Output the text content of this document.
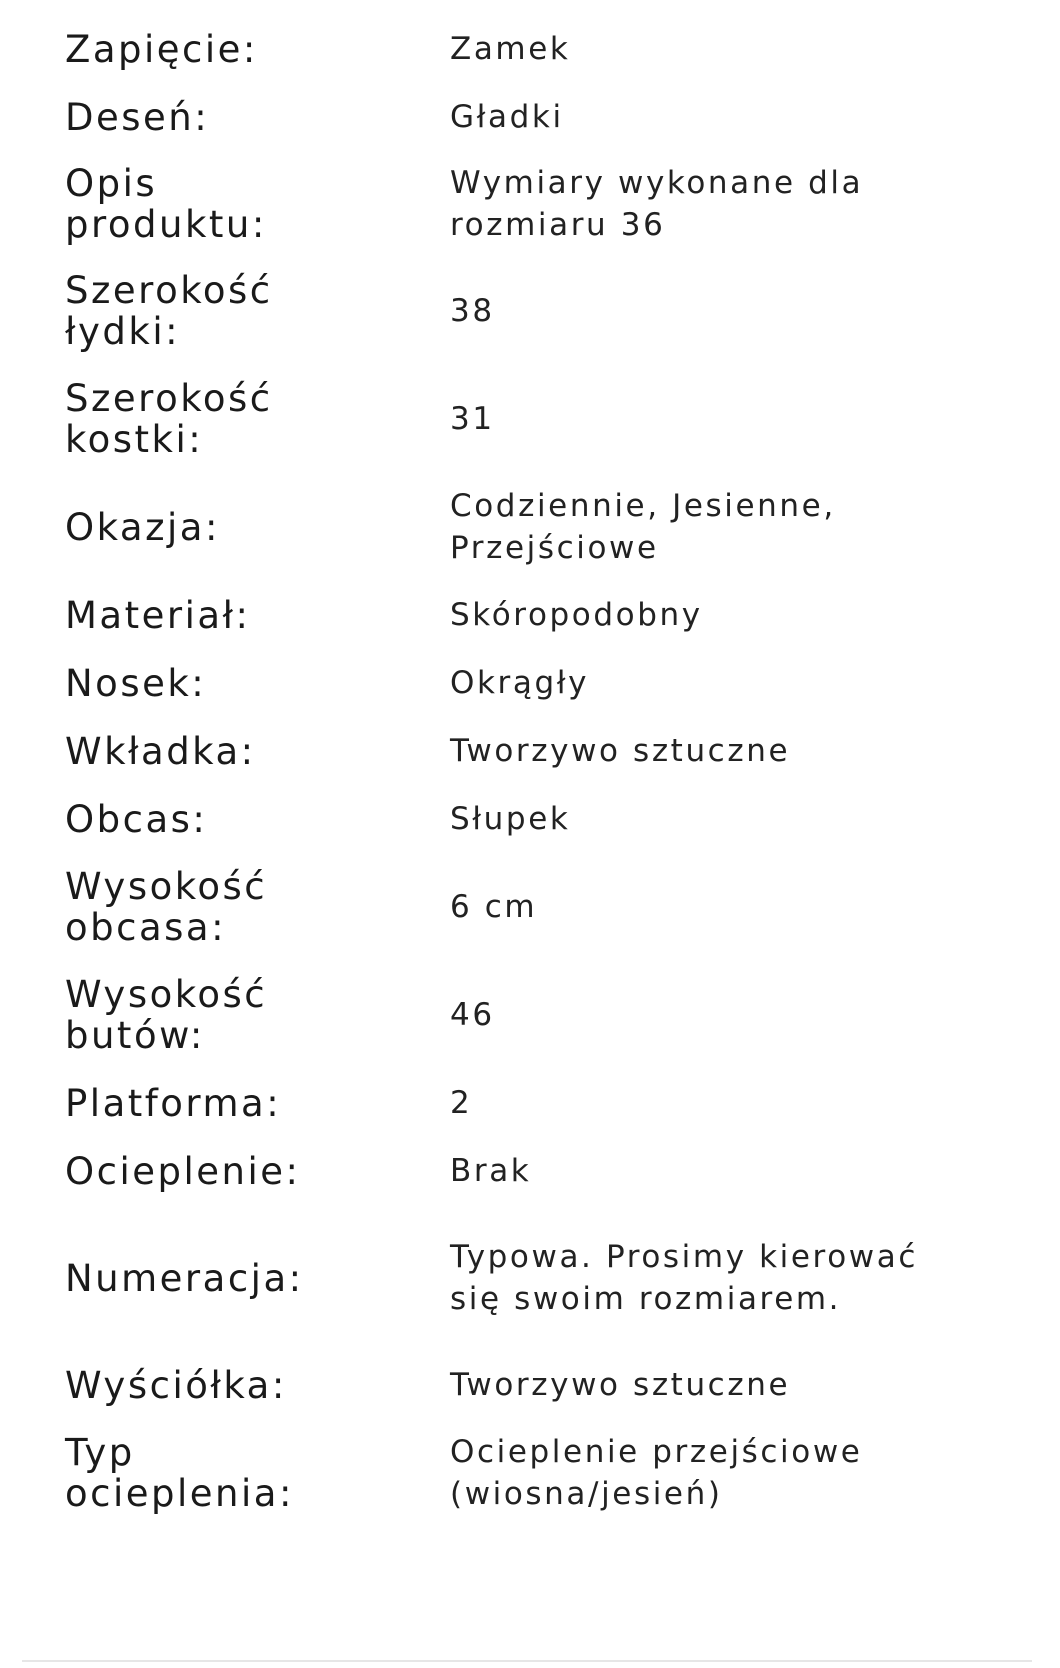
Zapięcie:	Zamek
Deseń:	Gładki
Opis produktu:
Wymiary wykonane dla rozmiaru 36
Szerokość łydki:	38
Szerokość kostki:	31
Okazja:	Codziennie, Jesienne, Przejściowe
Materiał:	Skóropodobny
Nosek:	Okrągły
Wkładka:	Tworzywo sztuczne
Obcas:	Słupek
Wysokość obcasa:	6 cm
Wysokość butów:	46
Platforma:	2
Ocieplenie:	Brak
Numeracja:	Typowa. Prosimy kierować się swoim rozmiarem.
Wyściółka:	Tworzywo sztuczne
Typ ocieplenia:
Ocieplenie przejściowe (wiosna/jesień)
